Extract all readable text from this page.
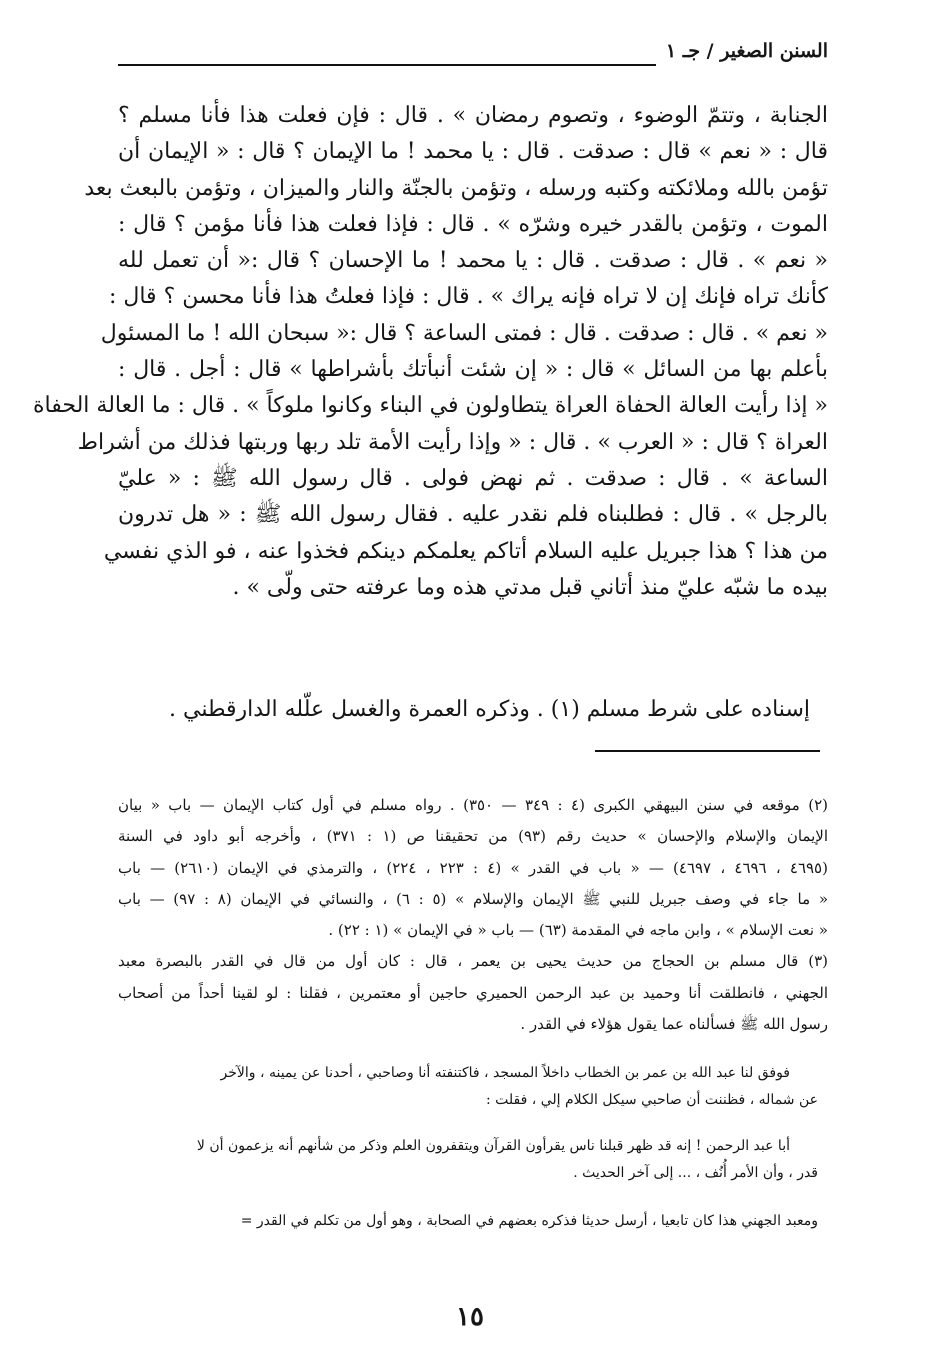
السنن الصغير / جـ ١
الجنابة ، وتتمّ الوضوء ، وتصوم رمضان » . قال : فإن فعلت هذا فأنا مسلم ؟
قال : « نعم » قال : صدقت . قال : يا محمد ! ما الإيمان ؟ قال : « الإيمان أن
تؤمن بالله وملائكته وكتبه ورسله ، وتؤمن بالجنّة والنار والميزان ، وتؤمن بالبعث بعد
الموت ، وتؤمن بالقدر خيره وشرّه » . قال : فإذا فعلت هذا فأنا مؤمن ؟ قال :
« نعم » . قال : صدقت . قال : يا محمد ! ما الإحسان ؟ قال :« أن تعمل لله
كأنك تراه فإنك إن لا تراه فإنه يراك » . قال : فإذا فعلتُ هذا فأنا محسن ؟ قال :
« نعم » . قال : صدقت . قال : فمتى الساعة ؟ قال :« سبحان الله ! ما المسئول
بأعلم بها من السائل » قال : « إن شئت أنبأتك بأشراطها » قال : أجل . قال :
« إذا رأيت العالة الحفاة العراة يتطاولون في البناء وكانوا ملوكاً » . قال : ما العالة الحفاة
العراة ؟ قال : « العرب » . قال : « وإذا رأيت الأمة تلد ربها وربتها فذلك من أشراط
الساعة » . قال : صدقت . ثم نهض فولى . قال رسول الله ﷺ : « عليّ
بالرجل » . قال : فطلبناه فلم نقدر عليه . فقال رسول الله ﷺ : « هل تدرون
من هذا ؟ هذا جبريل عليه السلام أتاكم يعلمكم دينكم فخذوا عنه ، فو الذي نفسي
بيده ما شبّه عليّ منذ أتاني قبل مدتي هذه وما عرفته حتى ولّى » .
إسناده على شرط مسلم (١) . وذكره العمرة والغسل علّله الدارقطني .
(٢) موقعه في سنن البيهقي الكبرى (٤ : ٣٤٩ — ٣٥٠) . رواه مسلم في أول كتاب الإيمان — باب « بيان
الإيمان والإسلام والإحسان » حديث رقم (٩٣) من تحقيقنا ص (١ : ٣٧١) ، وأخرجه أبو داود في السنة
(٤٦٩٥ ، ٤٦٩٦ ، ٤٦٩٧) — « باب في القدر » (٤ : ٢٢٣ ، ٢٢٤) ، والترمذي في الإيمان (٢٦١٠) — باب
« ما جاء في وصف جبريل للنبي ﷺ الإيمان والإسلام » (٥ : ٦) ، والنسائي في الإيمان (٨ : ٩٧) — باب
« نعت الإسلام » ، وابن ماجه في المقدمة (٦٣) — باب « في الإيمان » (١ : ٢٢) .
(٣) قال مسلم بن الحجاج من حديث يحيى بن يعمر ، قال : كان أول من قال في القدر بالبصرة معبد
الجهني ، فانطلقت أنا وحميد بن عبد الرحمن الحميري حاجين أو معتمرين ، فقلنا : لو لقينا أحداً من أصحاب
رسول الله ﷺ فسألناه عما يقول هؤلاء في القدر .
فوفق لنا عبد الله بن عمر بن الخطاب داخلاً المسجد ، فاكتنفته أنا وصاحبي ، أحدنا عن يمينه ، والآخر
عن شماله ، فظننت أن صاحبي سيكل الكلام إلي ، فقلت :
أبا عبد الرحمن ! إنه قد ظهر قبلنا ناس يقرأون القرآن ويتقفرون العلم وذكر من شأنهم أنه يزعمون أن لا
قدر ، وأن الأمر أُنُف ، ... إلى آخر الحديث .
ومعبد الجهني هذا كان تابعيا ، أرسل حديثا فذكره بعضهم في الصحابة ، وهو أول من تكلم في القدر =
١٥
